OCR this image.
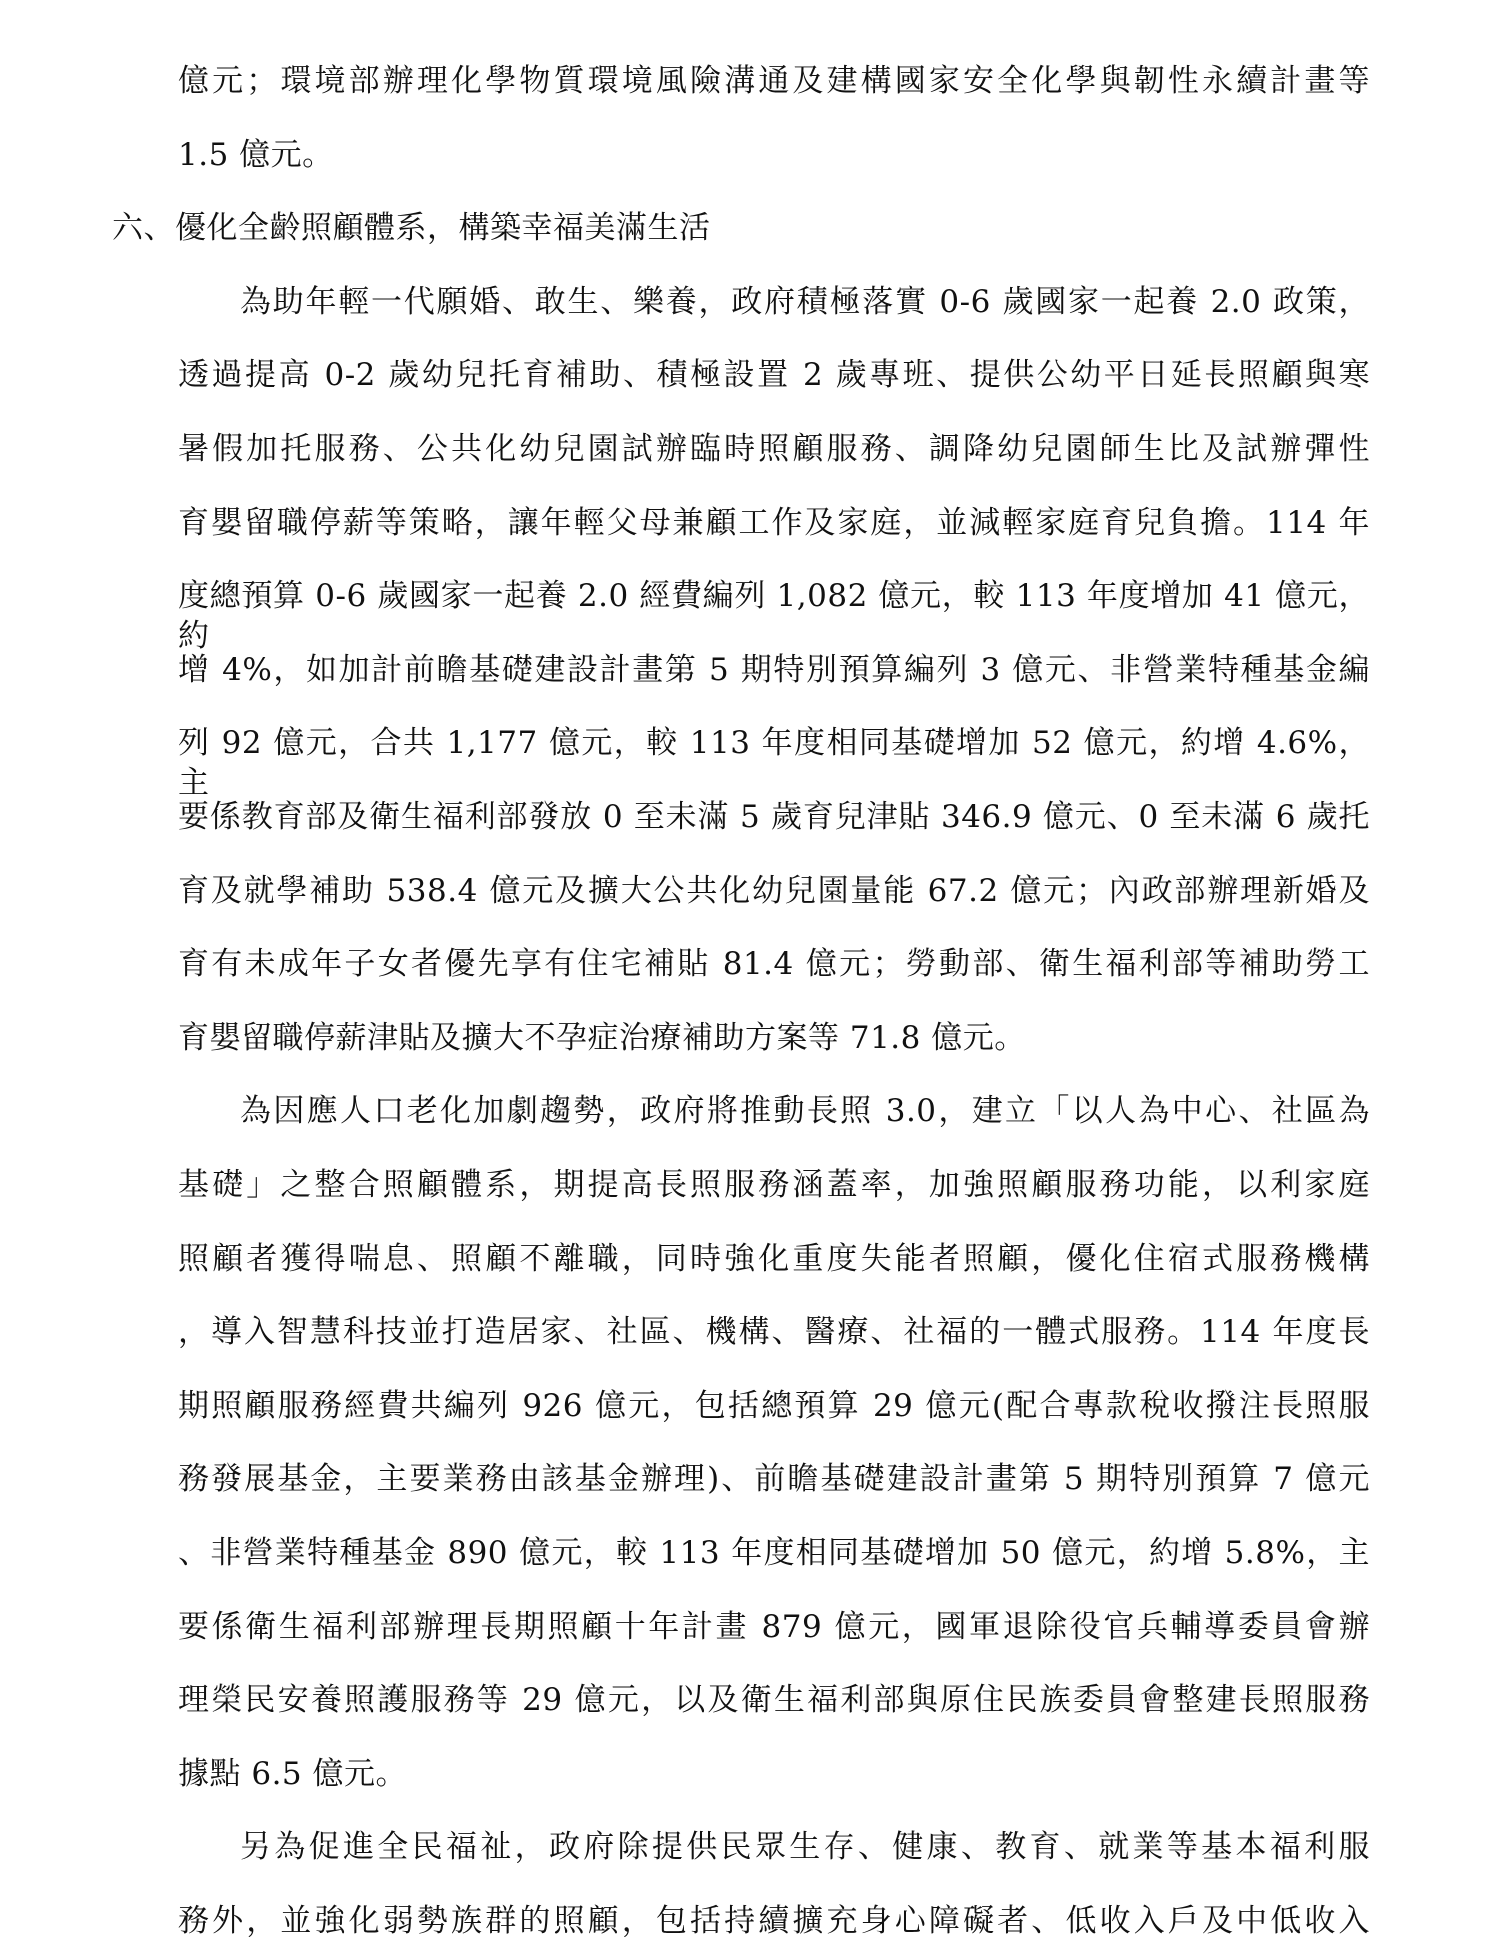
億元；環境部辦理化學物質環境風險溝通及建構國家安全化學與韌性永續計畫等
1.5 億元。
六、優化全齡照顧體系，構築幸福美滿生活
為助年輕一代願婚、敢生、樂養，政府積極落實 0-6 歲國家一起養 2.0 政策，
透過提高 0-2 歲幼兒托育補助、積極設置 2 歲專班、提供公幼平日延長照顧與寒
暑假加托服務、公共化幼兒園試辦臨時照顧服務、調降幼兒園師生比及試辦彈性
育嬰留職停薪等策略，讓年輕父母兼顧工作及家庭，並減輕家庭育兒負擔。114 年
度總預算 0-6 歲國家一起養 2.0 經費編列 1,082 億元，較 113 年度增加 41 億元，約
增 4%，如加計前瞻基礎建設計畫第 5 期特別預算編列 3 億元、非營業特種基金編
列 92 億元，合共 1,177 億元，較 113 年度相同基礎增加 52 億元，約增 4.6%，主
要係教育部及衛生福利部發放 0 至未滿 5 歲育兒津貼 346.9 億元、0 至未滿 6 歲托
育及就學補助 538.4 億元及擴大公共化幼兒園量能 67.2 億元；內政部辦理新婚及
育有未成年子女者優先享有住宅補貼 81.4 億元；勞動部、衛生福利部等補助勞工
育嬰留職停薪津貼及擴大不孕症治療補助方案等 71.8 億元。
為因應人口老化加劇趨勢，政府將推動長照 3.0，建立「以人為中心、社區為
基礎」之整合照顧體系，期提高長照服務涵蓋率，加強照顧服務功能，以利家庭
照顧者獲得喘息、照顧不離職，同時強化重度失能者照顧，優化住宿式服務機構
，導入智慧科技並打造居家、社區、機構、醫療、社福的一體式服務。114 年度長
期照顧服務經費共編列 926 億元，包括總預算 29 億元(配合專款稅收撥注長照服
務發展基金，主要業務由該基金辦理)、前瞻基礎建設計畫第 5 期特別預算 7 億元
、非營業特種基金 890 億元，較 113 年度相同基礎增加 50 億元，約增 5.8%，主
要係衛生福利部辦理長期照顧十年計畫 879 億元，國軍退除役官兵輔導委員會辦
理榮民安養照護服務等 29 億元，以及衛生福利部與原住民族委員會整建長照服務
據點 6.5 億元。
另為促進全民福祉，政府除提供民眾生存、健康、教育、就業等基本福利服
務外，並強化弱勢族群的照顧，包括持續擴充身心障礙者、低收入戶及中低收入
